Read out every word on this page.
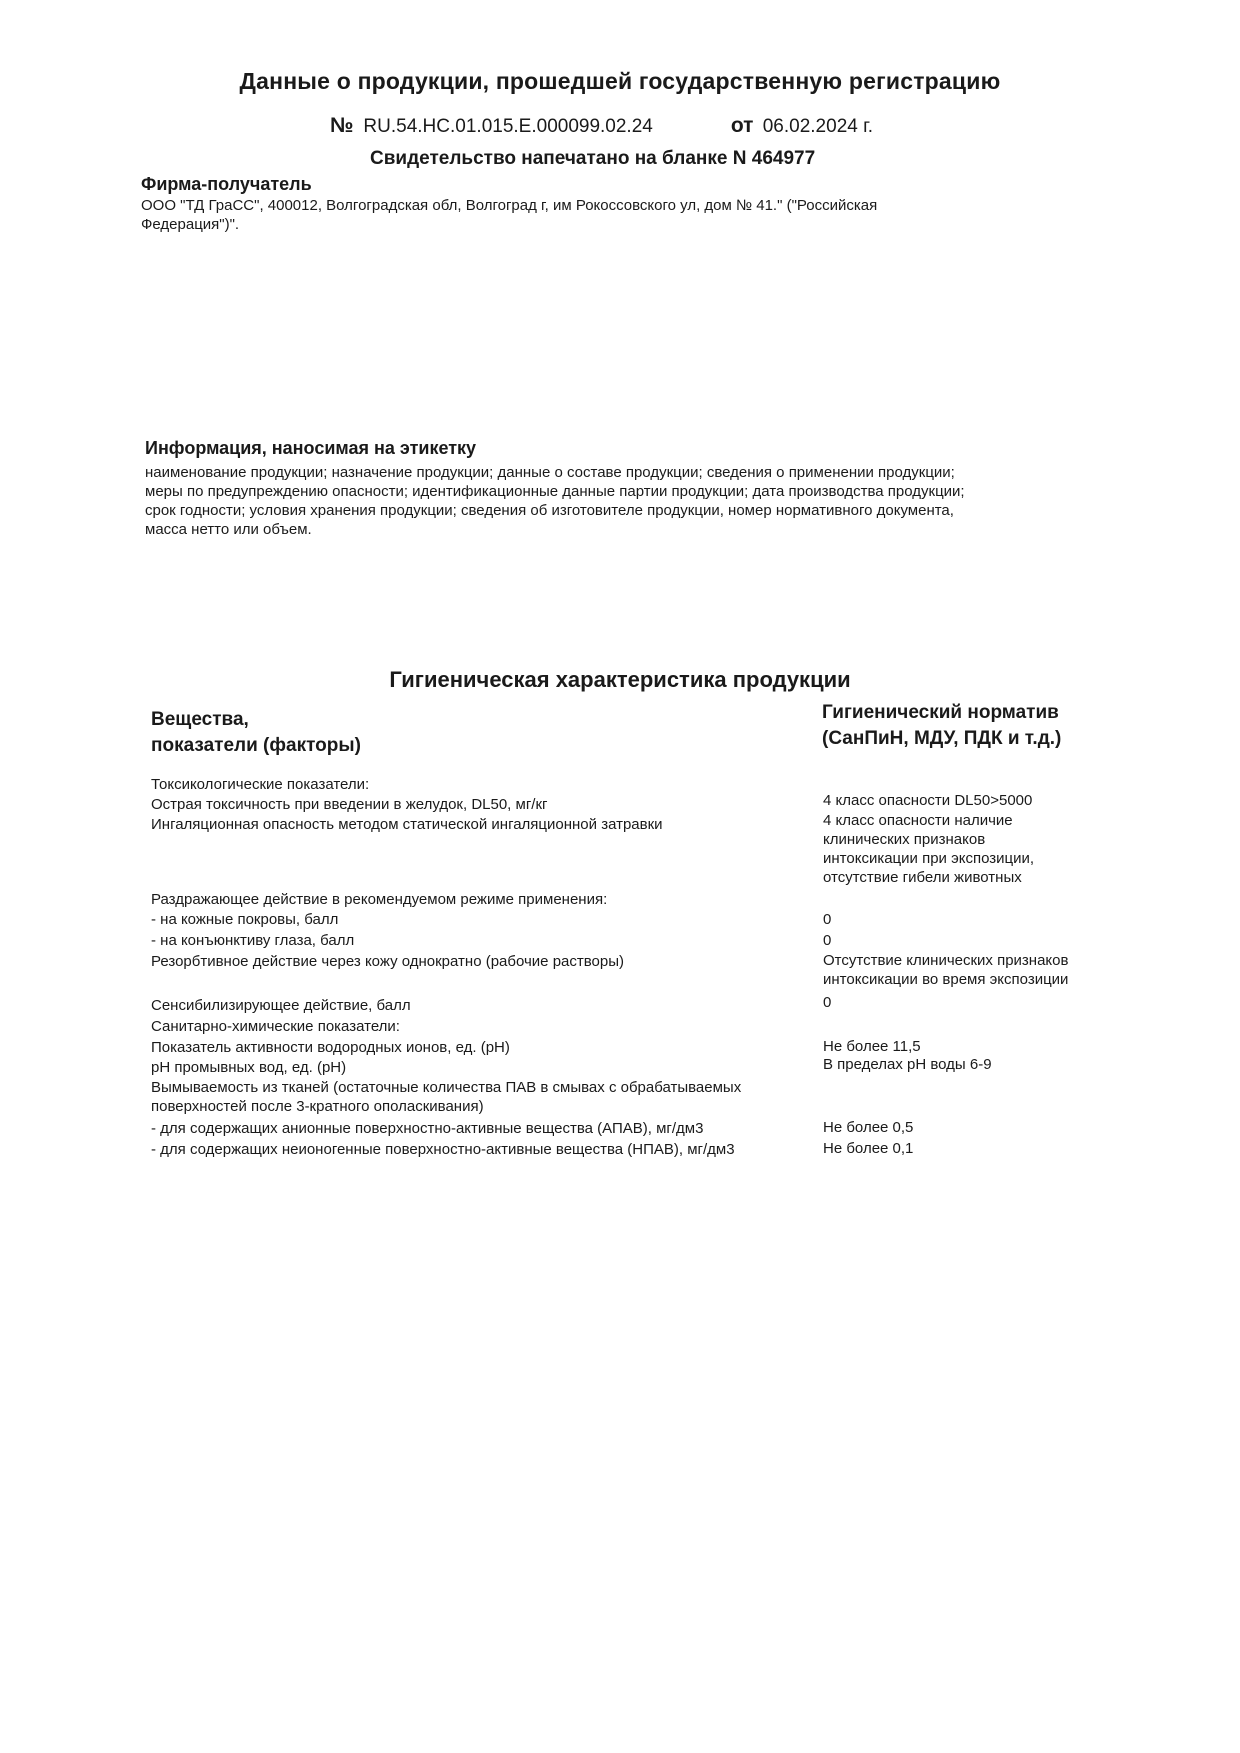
Данные о продукции, прошедшей государственную регистрацию
№ RU.54.НС.01.015.Е.000099.02.24	от 06.02.2024 г.
Свидетельство напечатано на бланке N 464977
Фирма-получатель
ООО "ТД ГраСС", 400012, Волгоградская обл, Волгоград г, им Рокоссовского ул, дом № 41." ("Российская
Федерация")".
Информация, наносимая на этикетку
наименование продукции; назначение продукции; данные о составе продукции; сведения о применении продукции;
меры по предупреждению опасности; идентификационные данные партии продукции; дата производства продукции;
срок годности; условия хранения продукции; сведения об изготовителе продукции, номер нормативного документа,
масса нетто или объем.
Гигиеническая характеристика продукции
Вещества,
показатели (факторы)
Гигиенический норматив
(СанПиН, МДУ, ПДК и т.д.)
Токсикологические показатели:
Острая токсичность при введении в желудок, DL50, мг/кг	4 класс опасности DL50>5000
Ингаляционная опасность методом статической ингаляционной затравки	4 класс опасности наличие
клинических признаков
интоксикации при экспозиции,
отсутствие гибели животных
Раздражающее действие в рекомендуемом режиме применения:
- на кожные покровы, балл	0
- на конъюнктиву глаза, балл	0
Резорбтивное действие через кожу однократно (рабочие растворы)	Отсутствие клинических признаков
интоксикации во время экспозиции
Сенсибилизирующее действие, балл	0
Санитарно-химические показатели:
Показатель активности водородных ионов, ед. (рН)	Не более 11,5
рН промывных вод, ед. (рН)	В пределах рН воды 6-9
Вымываемость из тканей (остаточные количества ПАВ в смывах с обрабатываемых
поверхностей после 3-кратного ополаскивания)
- для содержащих анионные поверхностно-активные вещества (АПАВ), мг/дм3	Не более 0,5
- для содержащих неионогенные поверхностно-активные вещества (НПАВ), мг/дм3	Не более 0,1
